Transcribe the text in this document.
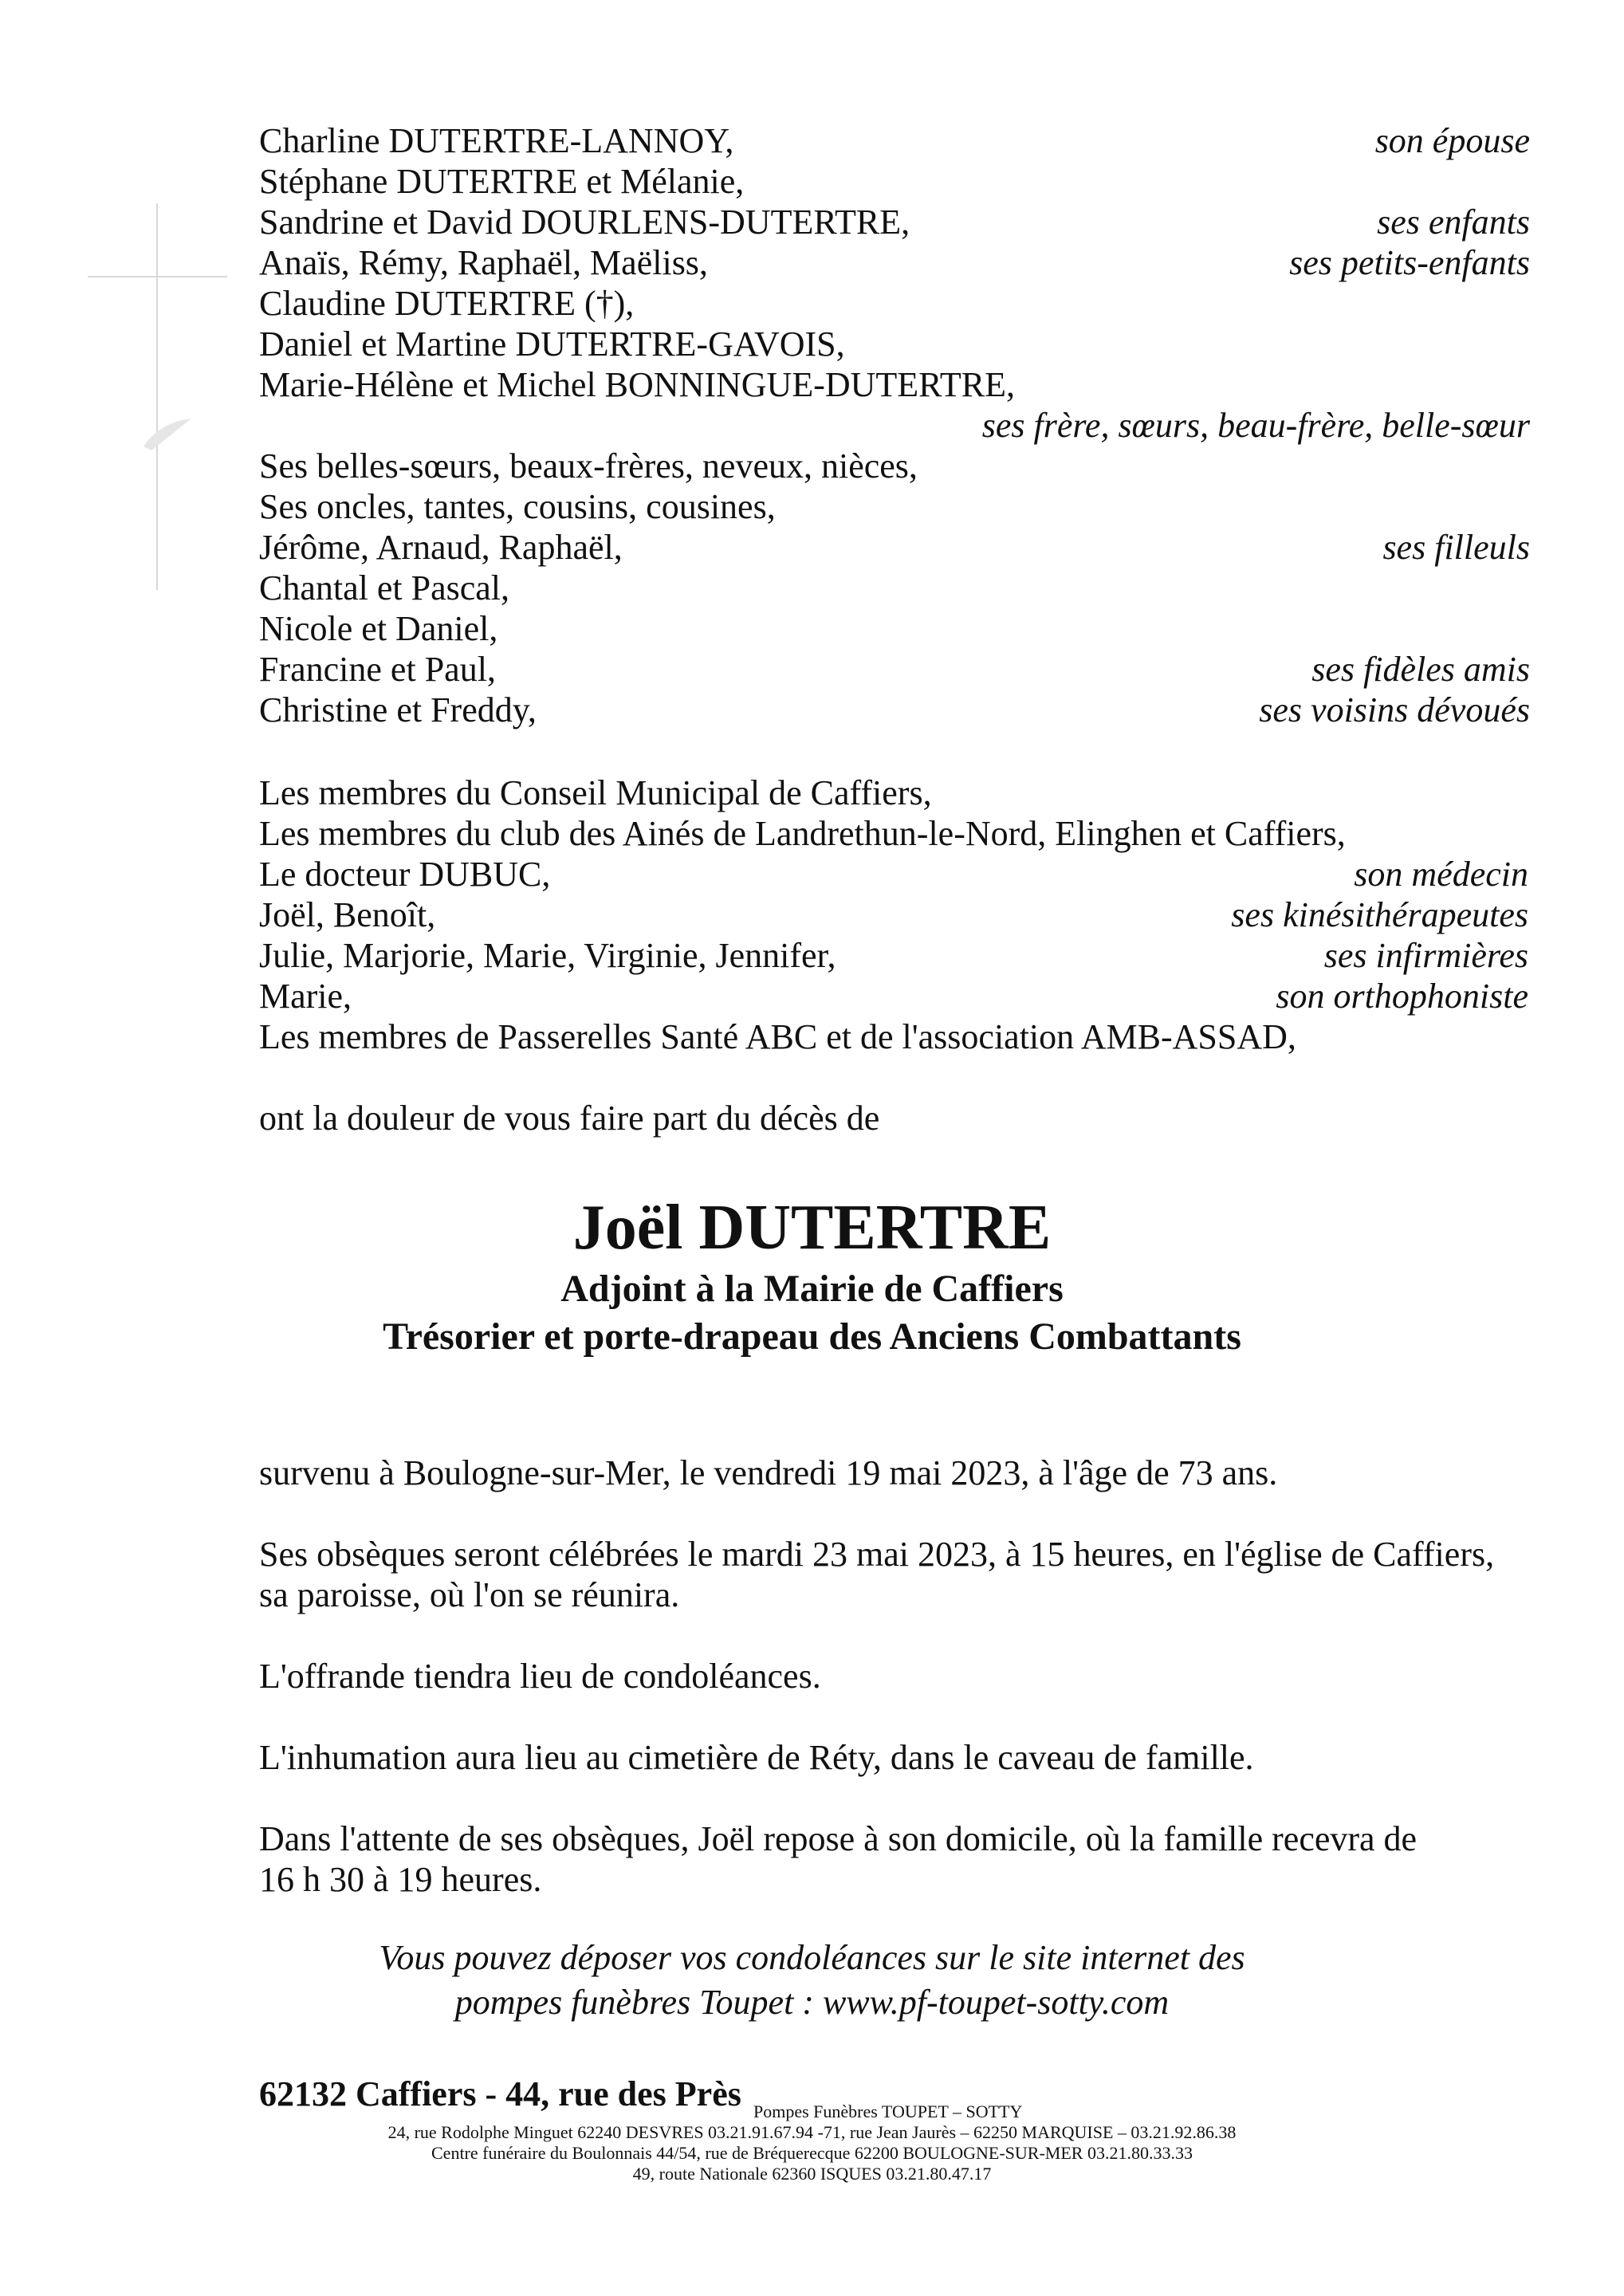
Charline DUTERTRE-LANNOY,	son épouse
Stéphane DUTERTRE et Mélanie,
Sandrine et David DOURLENS-DUTERTRE,	ses enfants
Anaïs, Rémy, Raphaël, Maëliss,	ses petits-enfants
Claudine DUTERTRE (†),
Daniel et Martine DUTERTRE-GAVOIS,
Marie-Hélène et Michel BONNINGUE-DUTERTRE,
ses frère, sœurs, beau-frère, belle-sœur
Ses belles-sœurs, beaux-frères, neveux, nièces,
Ses oncles, tantes, cousins, cousines,
Jérôme, Arnaud, Raphaël,	ses filleuls
Chantal et Pascal,
Nicole et Daniel,
Francine et Paul,	ses fidèles amis
Christine et Freddy,	ses voisins dévoués
Les membres du Conseil Municipal de Caffiers,
Les membres du club des Ainés de Landrethun-le-Nord, Elinghen et Caffiers,
Le docteur DUBUC,	son médecin
Joël, Benoît,	ses kinésithérapeutes
Julie, Marjorie, Marie, Virginie, Jennifer,	ses infirmières
Marie,	son orthophoniste
Les membres de Passerelles Santé ABC et de l'association AMB-ASSAD,
ont la douleur de vous faire part du décès de
Joël DUTERTRE
Adjoint à la Mairie de Caffiers
Trésorier et porte-drapeau des Anciens Combattants
survenu à Boulogne-sur-Mer, le vendredi 19 mai 2023, à l'âge de 73 ans.
Ses obsèques seront célébrées le mardi 23 mai 2023, à 15 heures, en l'église de Caffiers,
sa paroisse, où l'on se réunira.
L'offrande tiendra lieu de condoléances.
L'inhumation aura lieu au cimetière de Réty, dans le caveau de famille.
Dans l'attente de ses obsèques, Joël repose à son domicile, où la famille recevra de
16 h 30 à 19 heures.
Vous pouvez déposer vos condoléances sur le site internet des
pompes funèbres Toupet : www.pf-toupet-sotty.com
62132 Caffiers - 44, rue des Près Pompes Funèbres TOUPET – SOTTY
24, rue Rodolphe Minguet 62240 DESVRES 03.21.91.67.94 -71, rue Jean Jaurès – 62250 MARQUISE – 03.21.92.86.38
Centre funéraire du Boulonnais 44/54, rue de Bréquerecque 62200 BOULOGNE-SUR-MER 03.21.80.33.33
49, route Nationale 62360 ISQUES 03.21.80.47.17
